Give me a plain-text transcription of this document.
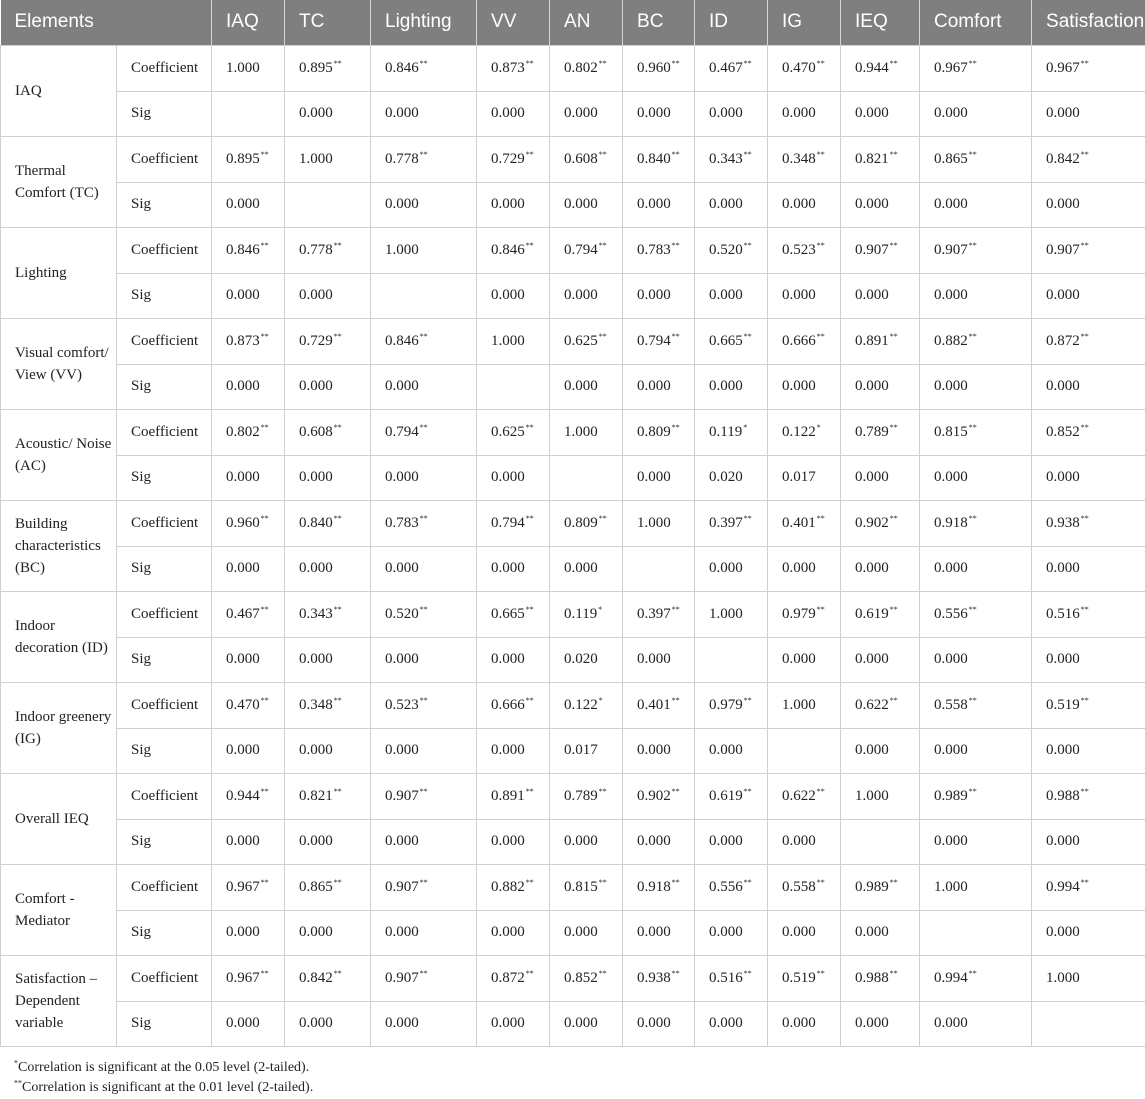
Elements		IAQ	TC	Lighting	VV	AN	BC	ID	IG	IEQ	Comfort	Satisfaction
IAQ	Coefficient	1.000	0.895**	0.846**	0.873**	0.802**	0.960**	0.467**	0.470**	0.944**	0.967**	0.967**
	Sig		0.000	0.000	0.000	0.000	0.000	0.000	0.000	0.000	0.000	0.000
Thermal Comfort (TC)	Coefficient	0.895**	1.000	0.778**	0.729**	0.608**	0.840**	0.343**	0.348**	0.821**	0.865**	0.842**
	Sig	0.000		0.000	0.000	0.000	0.000	0.000	0.000	0.000	0.000	0.000
Lighting	Coefficient	0.846**	0.778**	1.000	0.846**	0.794**	0.783**	0.520**	0.523**	0.907**	0.907**	0.907**
	Sig	0.000	0.000		0.000	0.000	0.000	0.000	0.000	0.000	0.000	0.000
Visual comfort/ View (VV)	Coefficient	0.873**	0.729**	0.846**	1.000	0.625**	0.794**	0.665**	0.666**	0.891**	0.882**	0.872**
	Sig	0.000	0.000	0.000		0.000	0.000	0.000	0.000	0.000	0.000	0.000
Acoustic/ Noise (AC)	Coefficient	0.802**	0.608**	0.794**	0.625**	1.000	0.809**	0.119*	0.122*	0.789**	0.815**	0.852**
	Sig	0.000	0.000	0.000	0.000		0.000	0.020	0.017	0.000	0.000	0.000
Building characteristics (BC)	Coefficient	0.960**	0.840**	0.783**	0.794**	0.809**	1.000	0.397**	0.401**	0.902**	0.918**	0.938**
	Sig	0.000	0.000	0.000	0.000	0.000		0.000	0.000	0.000	0.000	0.000
Indoor decoration (ID)	Coefficient	0.467**	0.343**	0.520**	0.665**	0.119*	0.397**	1.000	0.979**	0.619**	0.556**	0.516**
	Sig	0.000	0.000	0.000	0.000	0.020	0.000		0.000	0.000	0.000	0.000
Indoor greenery (IG)	Coefficient	0.470**	0.348**	0.523**	0.666**	0.122*	0.401**	0.979**	1.000	0.622**	0.558**	0.519**
	Sig	0.000	0.000	0.000	0.000	0.017	0.000	0.000		0.000	0.000	0.000
Overall IEQ	Coefficient	0.944**	0.821**	0.907**	0.891**	0.789**	0.902**	0.619**	0.622**	1.000	0.989**	0.988**
	Sig	0.000	0.000	0.000	0.000	0.000	0.000	0.000	0.000		0.000	0.000
Comfort - Mediator	Coefficient	0.967**	0.865**	0.907**	0.882**	0.815**	0.918**	0.556**	0.558**	0.989**	1.000	0.994**
	Sig	0.000	0.000	0.000	0.000	0.000	0.000	0.000	0.000	0.000		0.000
Satisfaction – Dependent variable	Coefficient	0.967**	0.842**	0.907**	0.872**	0.852**	0.938**	0.516**	0.519**	0.988**	0.994**	1.000
	Sig	0.000	0.000	0.000	0.000	0.000	0.000	0.000	0.000	0.000	0.000	
*Correlation is significant at the 0.05 level (2-tailed).
**Correlation is significant at the 0.01 level (2-tailed).
